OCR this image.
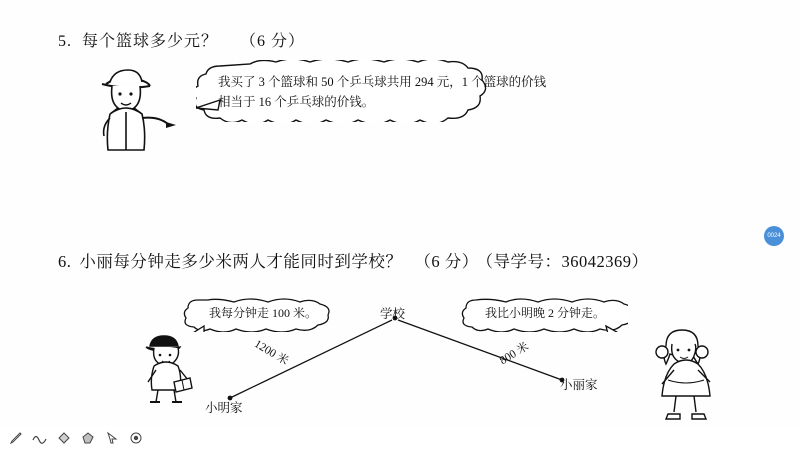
5. 每个篮球多少元？ （6 分）
我买了 3 个篮球和 50 个乒乓球共用 294 元，1 个篮球的价钱相当于 16 个乒乓球的价钱。
0024
6. 小丽每分钟走多少米两人才能同时到学校？ （6 分） （导学号：36042369）
我每分钟走 100 米。	我比小明晚 2 分钟走。
学校
1200 米	800 米
小明家
小丽家
